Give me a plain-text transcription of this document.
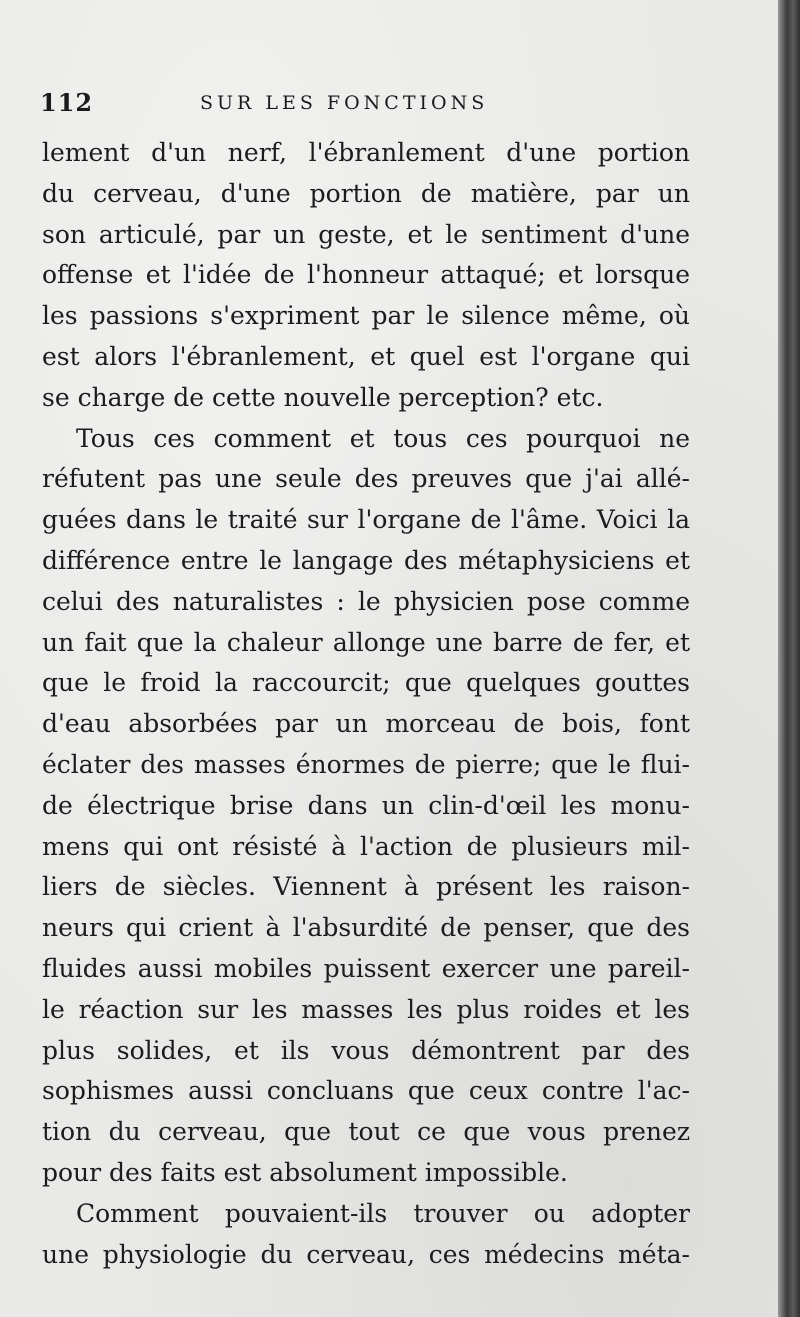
112	SUR LES FONCTIONS
lement d'un nerf, l'ébranlement d'une portion
du cerveau, d'une portion de matière, par un
son articulé, par un geste, et le sentiment d'une
offense et l'idée de l'honneur attaqué; et lorsque
les passions s'expriment par le silence même, où
est alors l'ébranlement, et quel est l'organe qui
se charge de cette nouvelle perception? etc.
Tous ces comment et tous ces pourquoi ne
réfutent pas une seule des preuves que j'ai allé-
guées dans le traité sur l'organe de l'âme. Voici la
différence entre le langage des métaphysiciens et
celui des naturalistes : le physicien pose comme
un fait que la chaleur allonge une barre de fer, et
que le froid la raccourcit; que quelques gouttes
d'eau absorbées par un morceau de bois, font
éclater des masses énormes de pierre; que le flui-
de électrique brise dans un clin-d'œil les monu-
mens qui ont résisté à l'action de plusieurs mil-
liers de siècles. Viennent à présent les raison-
neurs qui crient à l'absurdité de penser, que des
fluides aussi mobiles puissent exercer une pareil-
le réaction sur les masses les plus roides et les
plus solides, et ils vous démontrent par des
sophismes aussi concluans que ceux contre l'ac-
tion du cerveau, que tout ce que vous prenez
pour des faits est absolument impossible.
Comment pouvaient-ils trouver ou adopter
une physiologie du cerveau, ces médecins méta-
